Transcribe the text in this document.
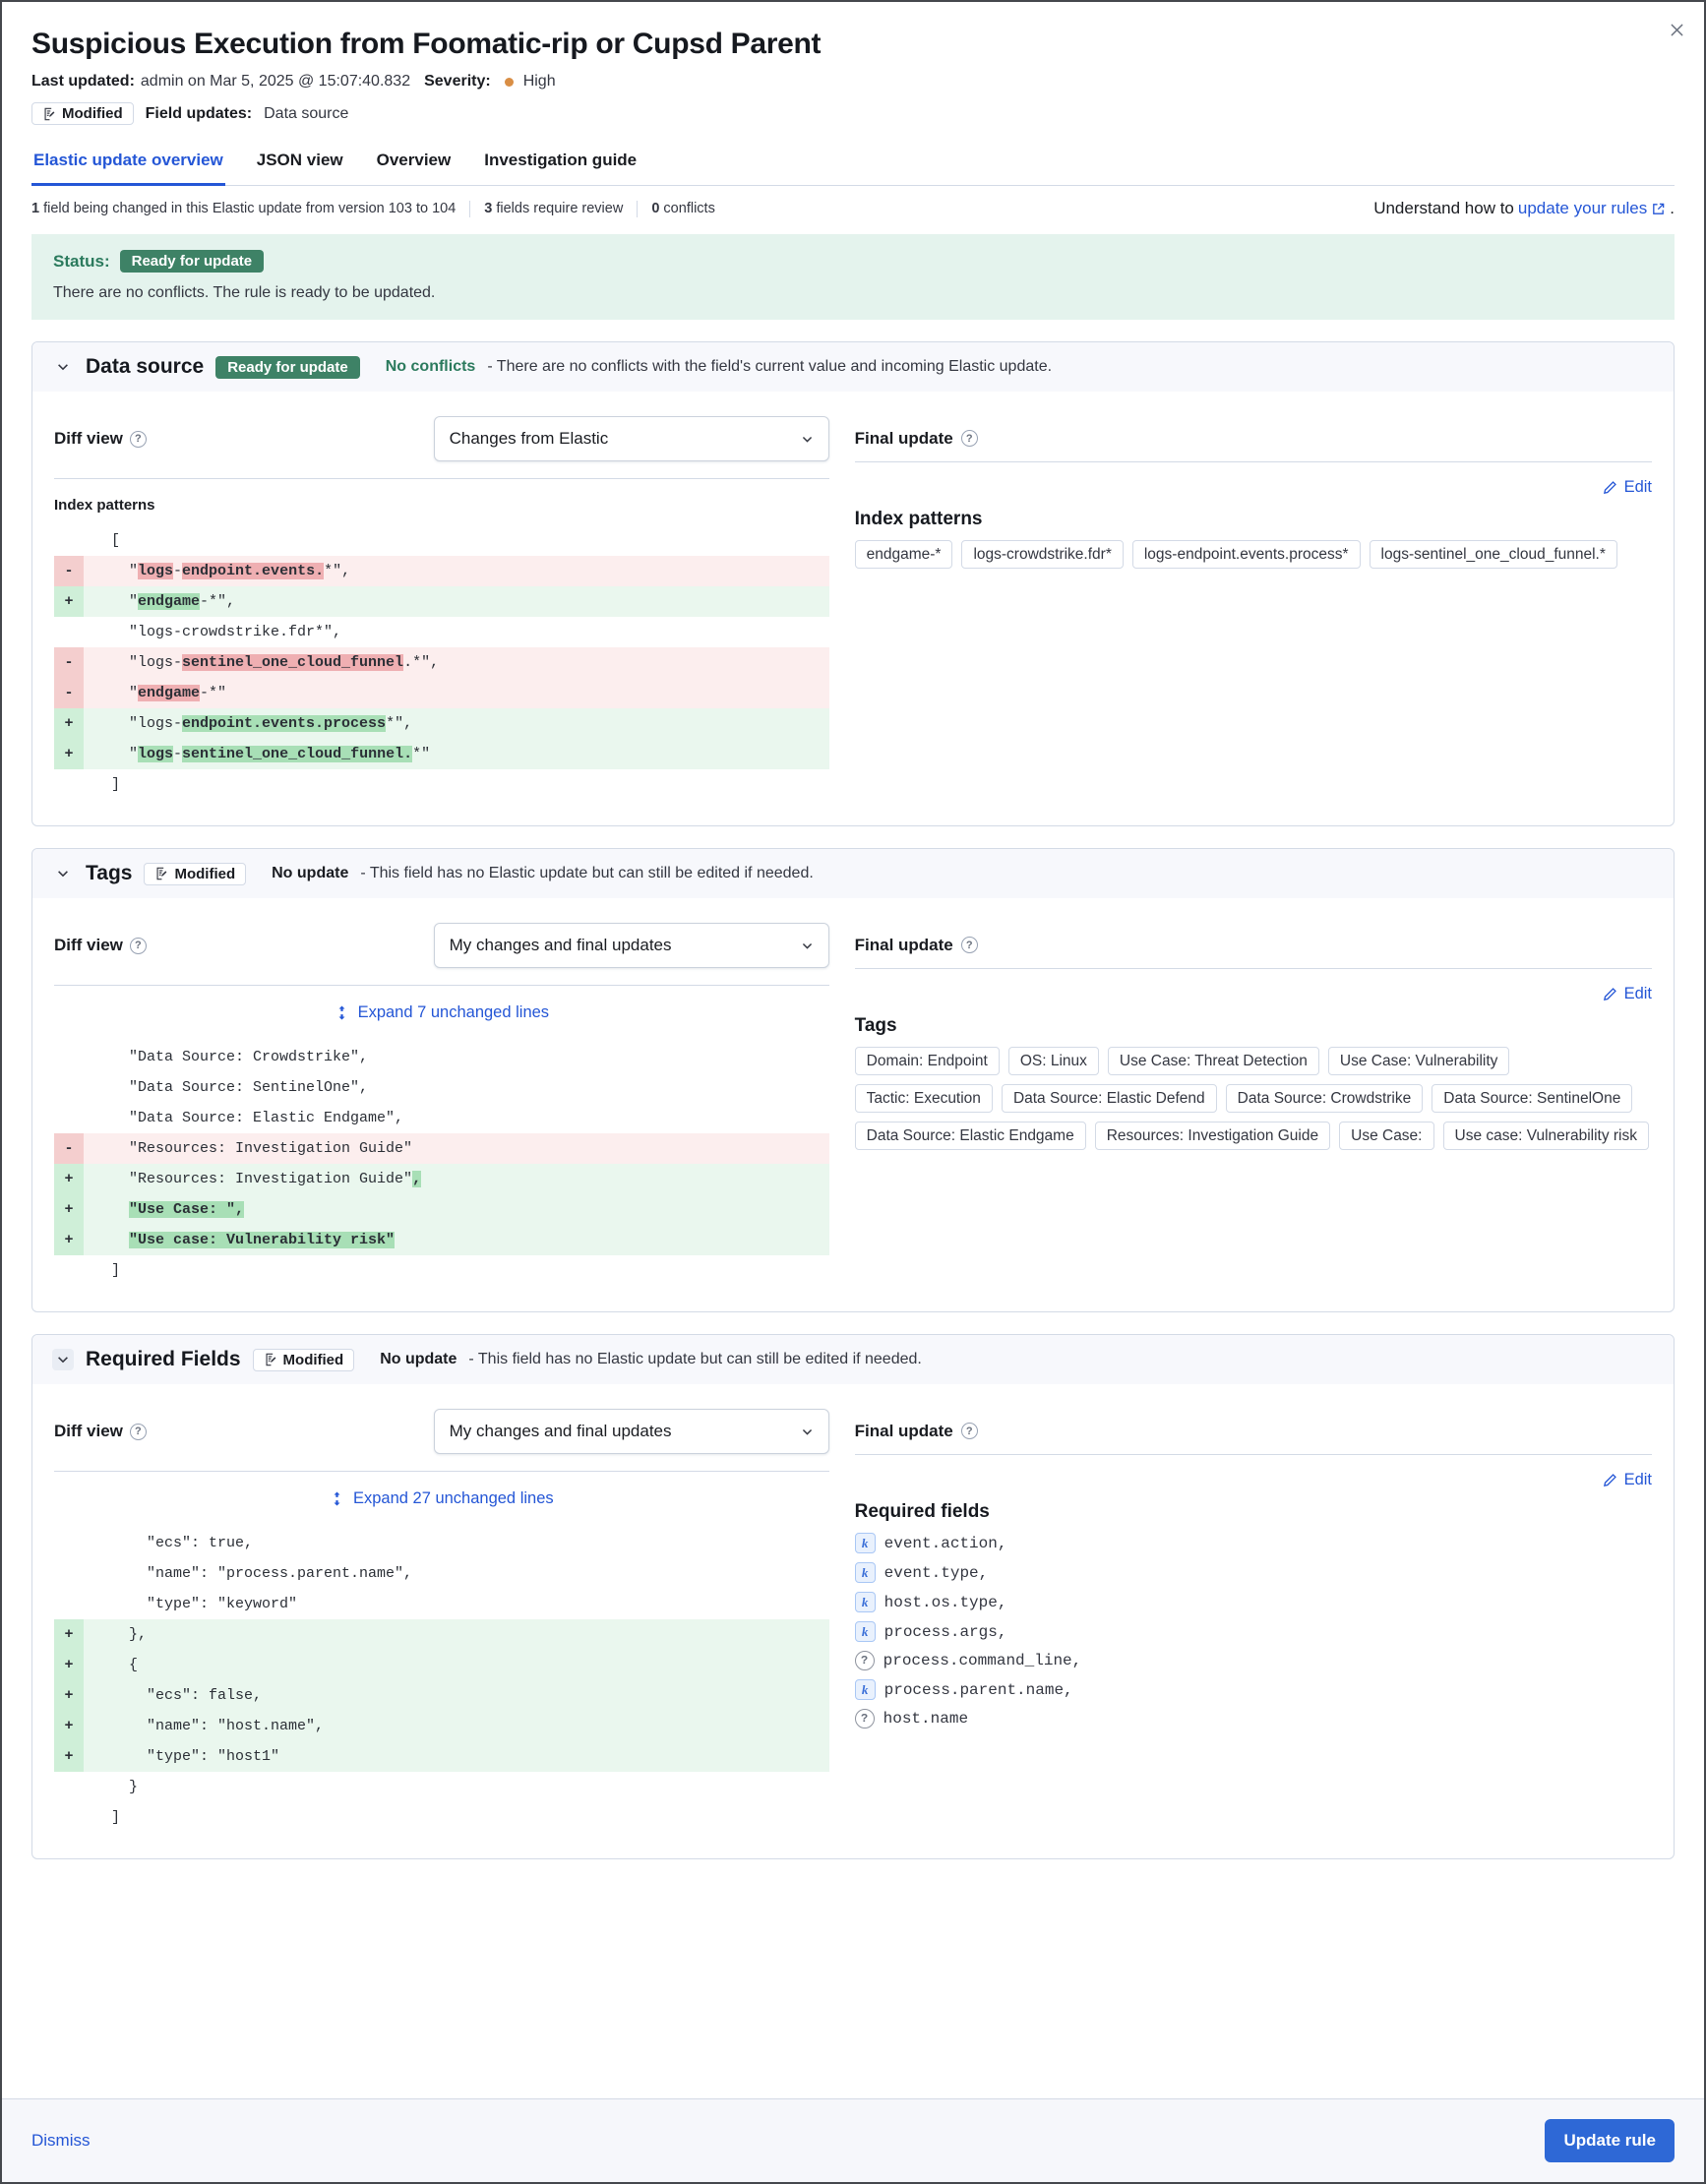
Suspicious Execution from Foomatic-rip or Cupsd Parent
Last updated: admin on Mar 5, 2025 @ 15:07:40.832 Severity: High
Modified Field updates: Data source
Elastic update overview JSON view Overview Investigation guide
1 field being changed in this Elastic update from version 103 to 104 3 fields require review 0 conflicts	Understand how to update your rules .
Status:	Ready for update
There are no conflicts. The rule is ready to be updated.
Data source	Ready for update	No conflicts - There are no conflicts with the field's current value and incoming Elastic update.
Diff view	?	Changes from Elastic
Index patterns
[
-	"logs-endpoint.events.*",
+	"endgame-*",
"logs-crowdstrike.fdr*",
-	"logs-sentinel_one_cloud_funnel.*",
-	"endgame-*"
+	"logs-endpoint.events.process*",
+	"logs-sentinel_one_cloud_funnel.*"
]
Final update	?
Edit
Index patterns
endgame-*	logs-crowdstrike.fdr*	logs-endpoint.events.process*	logs-sentinel_one_cloud_funnel.*
Tags	Modified No update - This field has no Elastic update but can still be edited if needed.
Diff view	?	My changes and final updates
Expand 7 unchanged lines
"Data Source: Crowdstrike",
"Data Source: SentinelOne",
"Data Source: Elastic Endgame",
-	"Resources: Investigation Guide"
+	"Resources: Investigation Guide",
+	"Use Case: ",
+	"Use case: Vulnerability risk"
]
Final update	?
Edit
Tags
Domain: Endpoint	OS: Linux	Use Case: Threat Detection	Use Case: Vulnerability
Tactic: Execution	Data Source: Elastic Defend	Data Source: Crowdstrike	Data Source: SentinelOne
Data Source: Elastic Endgame	Resources: Investigation Guide	Use Case:	Use case: Vulnerability risk
Required Fields	Modified No update - This field has no Elastic update but can still be edited if needed.
Diff view	?	My changes and final updates
Expand 27 unchanged lines
"ecs": true,
"name": "process.parent.name",
"type": "keyword"
+	},
+	{
+	"ecs": false,
+	"name": "host.name",
+	"type": "host1"
}
]
Final update	?
Edit
Required fields
k	event.action,
k	event.type,
k	host.os.type,
k	process.args,
? process.command_line,
k	process.parent.name,
? host.name
Dismiss	Update rule
